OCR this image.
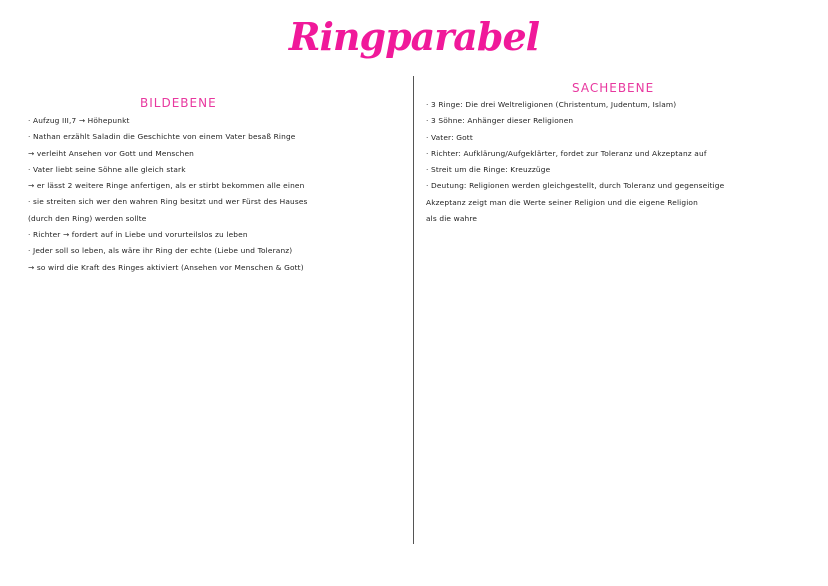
Ringparabel
BILDEBENE
SACHEBENE
· Aufzug III,7 → Höhepunkt
· Nathan erzählt Saladin die Geschichte von einem Vater besaß Ringe
→ verleiht Ansehen vor Gott und Menschen
· Vater liebt seine Söhne alle gleich stark
→ er lässt 2 weitere Ringe anfertigen, als er stirbt bekommen alle einen
· sie streiten sich wer den wahren Ring besitzt und wer Fürst des Hauses
(durch den Ring) werden sollte
· Richter → fordert auf in Liebe und vorurteilslos zu leben
· Jeder soll so leben, als wäre ihr Ring der echte (Liebe und Toleranz)
→ so wird die Kraft des Ringes aktiviert (Ansehen vor Menschen & Gott)
· 3 Ringe: Die drei Weltreligionen (Christentum, Judentum, Islam)
· 3 Söhne: Anhänger dieser Religionen
· Vater: Gott
· Richter: Aufklärung/Aufgeklärter, fordet zur Toleranz und Akzeptanz auf
· Streit um die Ringe: Kreuzzüge
· Deutung: Religionen werden gleichgestellt, durch Toleranz und gegenseitige
Akzeptanz zeigt man die Werte seiner Religion und die eigene Religion
als die wahre
